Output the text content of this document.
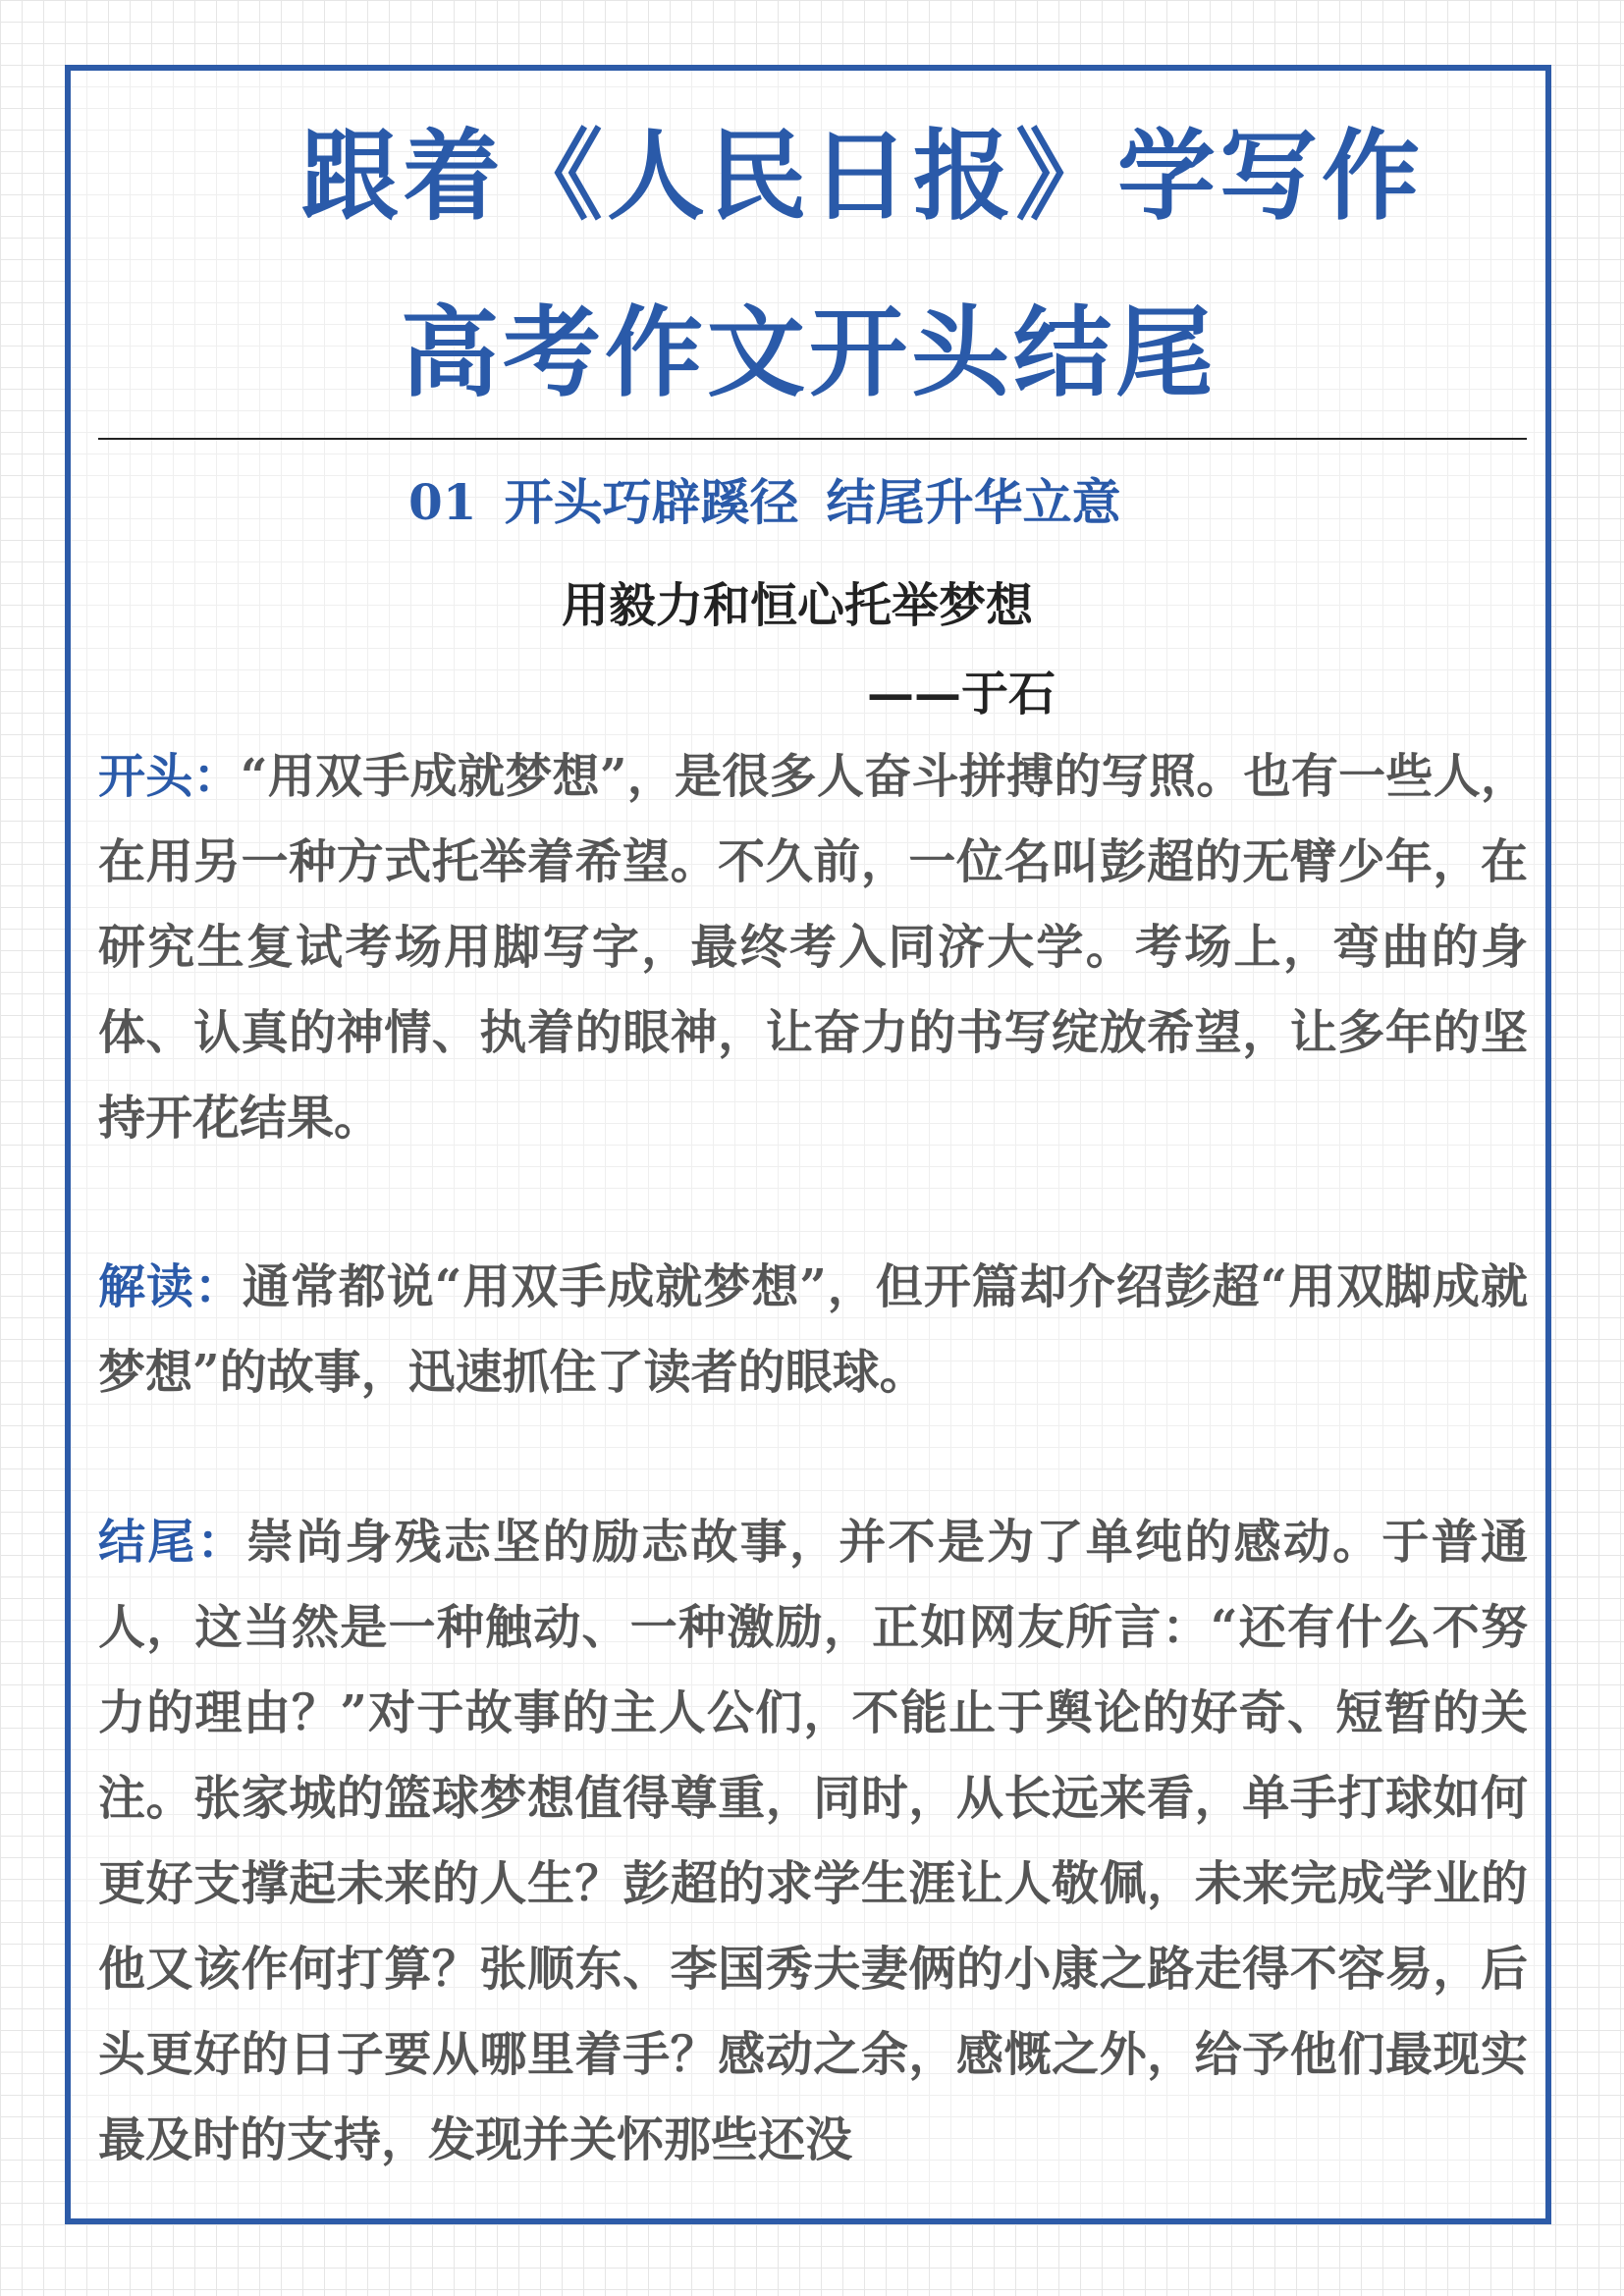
跟着《人民日报》学写作
高考作文开头结尾
01 开头巧辟蹊径 结尾升华立意
用毅力和恒心托举梦想
——于石
开头：“用双手成就梦想”，是很多人奋斗拼搏的写照。也有一些人，在用另一种方式托举着希望。不久前，一位名叫彭超的无臂少年，在研究生复试考场用脚写字，最终考入同济大学。考场上，弯曲的身体、认真的神情、执着的眼神，让奋力的书写绽放希望，让多年的坚持开花结果。
解读：通常都说“用双手成就梦想”，但开篇却介绍彭超“用双脚成就梦想”的故事，迅速抓住了读者的眼球。
结尾：崇尚身残志坚的励志故事，并不是为了单纯的感动。于普通人，这当然是一种触动、一种激励，正如网友所言：“还有什么不努力的理由？”对于故事的主人公们，不能止于舆论的好奇、短暂的关注。张家城的篮球梦想值得尊重，同时，从长远来看，单手打球如何更好支撑起未来的人生？彭超的求学生涯让人敬佩，未来完成学业的他又该作何打算？张顺东、李国秀夫妻俩的小康之路走得不容易，后头更好的日子要从哪里着手？感动之余，感慨之外，给予他们最现实最及时的支持，发现并关怀那些还没
